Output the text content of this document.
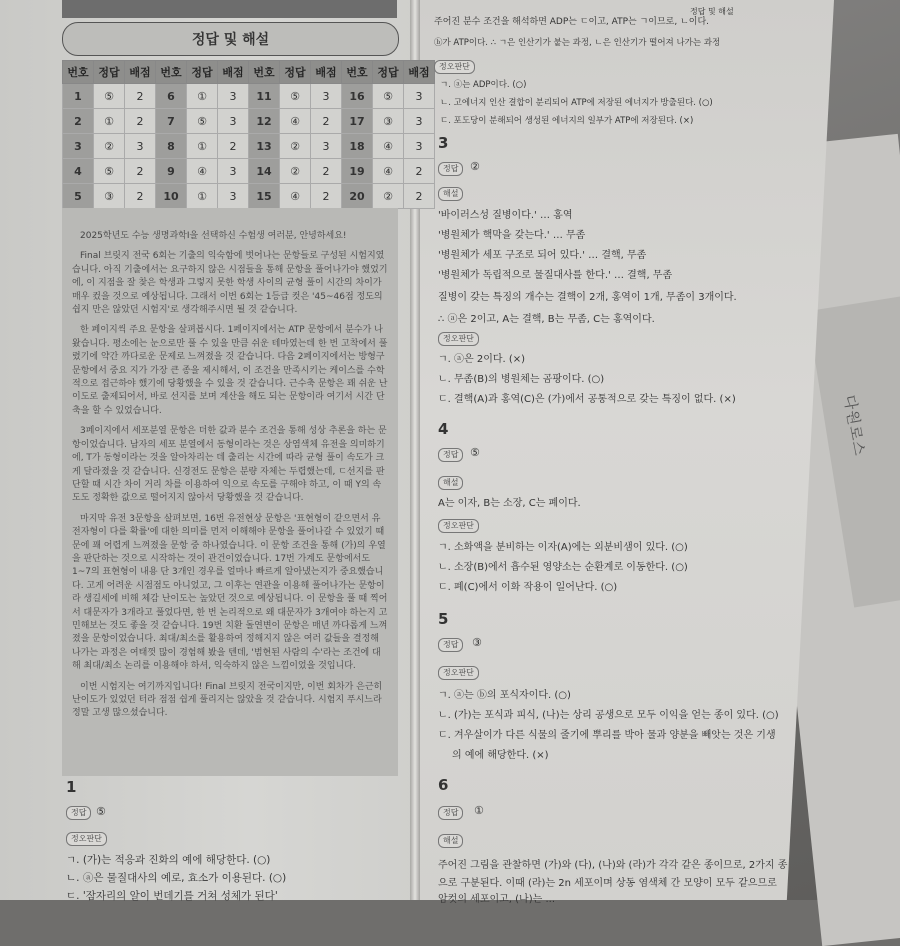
다원로스
정답 및 해설
번호	정답	배점	번호	정답	배점	번호	정답	배점	번호	정답	배점
1	⑤	2	6	①	3	11	⑤	3	16	⑤	3
2	①	2	7	⑤	3	12	④	2	17	③	3
3	②	3	8	①	2	13	②	3	18	④	3
4	⑤	2	9	④	3	14	②	2	19	④	2
5	③	2	10	①	3	15	④	2	20	②	2

2025학년도 수능 생명과학Ⅰ을 선택하신 수험생 여러분, 안녕하세요!

Final 브릿지 전국 6회는 기출의 익숙함에 벗어나는 문항들로 구성된 시험지였습니다. 아직 기출에서는 요구하지 않은 시점들을 통해 문항을 풀어나가야 했었기에, 이 지점을 잘 찾은 학생과 그렇지 못한 학생 사이의 균형 풀이 시간의 차이가 매우 컸을 것으로 예상됩니다. 그래서 이번 6회는 1등급 컷은 '45~46점 정도의 쉽지 만은 않았던 시험지'로 생각해주시면 될 것 같습니다.

한 페이지씩 주요 문항을 살펴봅시다. 1페이지에서는 ATP 문항에서 분수가 나왔습니다. 평소에는 눈으로만 풀 수 있을 만큼 쉬운 테마였는데 한 번 고착에서 풀렸기에 약간 까다로운 문제로 느껴졌을 것 같습니다. 다음 2페이지에서는 방형구 문항에서 중요 지가 가장 큰 종을 제시해서, 이 조건을 만족시키는 케이스를 수학적으로 접근하야 했기에 당황했을 수 있을 것 같습니다. 근수축 문항은 꽤 쉬운 난이도로 출제되어서, 바로 선지를 보며 계산을 해도 되는 문항이라 여기서 시간 단축을 할 수 있었습니다.

3페이지에서 세포분열 문항은 더한 값과 분수 조건을 통해 성상 추론을 하는 문항이었습니다. 남자의 세포 분열에서 동형이라는 것은 상염색체 유전을 의미하기에, T가 동형이라는 것을 알아차리는 데 출리는 시간에 따라 균형 풀이 속도가 크게 달라졌을 것 같습니다. 신경전도 문항은 분량 자체는 두렵했는데, ㄷ선지를 판단할 때 시간 차이 거리 차를 이용하여 익으로 속도를 구해야 하고, 이 때 Y의 속도도 정확한 값으로 떨어지지 않아서 당황했을 것 같습니다.

마지막 유전 3문항을 살펴보면, 16번 유전현상 문항은 '표현형이 같으면서 유전자형이 다를 확률'에 대한 의미를 먼저 이해해야 문항을 풀어나갈 수 있었기 때문에 꽤 어렵게 느껴졌을 문항 중 하나였습니다. 이 문항 조건을 통해 (가)의 우열을 판단하는 것으로 시작하는 것이 관건이었습니다. 17번 가계도 문항에서도 1~7의 표현형이 내용 단 3개인 경우를 얼마나 빠르게 알아냈는지가 중요했습니다. 고게 어려운 시점점도 아니었고, 그 이후는 연관을 이용해 풀어나가는 문항이라 생길세에 비해 체감 난이도는 높았던 것으로 예상됩니다. 이 문항을 풀 때 찍어서 대문자가 3개라고 풀었다면, 한 번 논리적으로 왜 대문자가 3개여야 하는지 고민해보는 것도 좋을 것 같습니다. 19번 치환 돌연변이 문항은 매년 까다롭게 느껴졌을 문항이었습니다. 최대/최소를 활용하여 정해지지 않은 여러 값들을 결정해 나가는 과정은 여태껏 많이 경험해 봤을 텐데, '범현된 사람의 수'라는 조건에 대해 최대/최소 논리를 이용해야 하셔, 익숙하지 않은 느낌이었을 것입니다.

이번 시험지는 여기까지입니다! Final 브릿지 전국이지만, 이번 회차가 은근히 난이도가 있었던 터라 점점 쉽게 풀리지는 않았을 것 같습니다. 시험지 푸시느라 정말 고생 많으셨습니다.

1
정답 ⑤
정오판단
ㄱ. (가)는 적응과 진화의 예에 해당한다. (○)
ㄴ. ⓐ은 물질대사의 예로, 효소가 이용된다. (○)
ㄷ. '잠자리의 알이 번데기를 거쳐 성체가 된다'
정답 및 해설
주어진 분수 조건을 해석하면 ADP는 ㄷ이고, ATP는 ㄱ이므로, ㄴ이다.
ⓑ가 ATP이다. ∴ ㄱ은 인산기가 붙는 과정, ㄴ은 인산기가 떨어져 나가는 과정
정오판단
ㄱ. ⓐ는 ADP이다. (○)
ㄴ. 고에너지 인산 결합이 분리되어 ATP에 저장된 에너지가 방출된다. (○)
ㄷ. 포도당이 분해되어 생성된 에너지의 일부가 ATP에 저장된다. (×)
3
정답	②
해설
'바이러스성 질병이다.' … 홍역
'병원체가 핵막을 갖는다.' … 무좀
'병원체가 세포 구조로 되어 있다.' … 결핵, 무좀
'병원체가 독립적으로 물질대사를 한다.' … 결핵, 무좀
질병이 갖는 특징의 개수는 결핵이 2개, 홍역이 1개, 무좀이 3개이다.
∴ ⓐ은 2이고, A는 결핵, B는 무좀, C는 홍역이다.
정오판단
ㄱ. ⓐ은 2이다. (×)
ㄴ. 무좀(B)의 병원체는 곰팡이다. (○)
ㄷ. 결핵(A)과 홍역(C)은 (가)에서 공통적으로 갖는 특징이 없다. (×)
4
정답	⑤
해설
A는 이자, B는 소장, C는 폐이다.
정오판단
ㄱ. 소화액을 분비하는 이자(A)에는 외분비샘이 있다. (○)
ㄴ. 소장(B)에서 흡수된 영양소는 순환계로 이동한다. (○)
ㄷ. 폐(C)에서 이화 작용이 일어난다. (○)
5
정답	③
정오판단
ㄱ. ⓐ는 ⓑ의 포식자이다. (○)
ㄴ. (가)는 포식과 피식, (나)는 상리 공생으로 모두 이익을 얻는 종이 있다. (○)
ㄷ. 겨우살이가 다른 식물의 줄기에 뿌리를 박아 물과 양분을 빼앗는 것은 기생
의 예에 해당한다. (×)
6
정답	①
해설
주어진 그림을 관찰하면 (가)와 (다), (나)와 (라)가 각각 같은 종이므로, 2가지 종
으로 구분된다. 이때 (라)는 2n 세포이며 상동 염색체 간 모양이 모두 같으므로
암컷의 세포이고, (나)는 ...
